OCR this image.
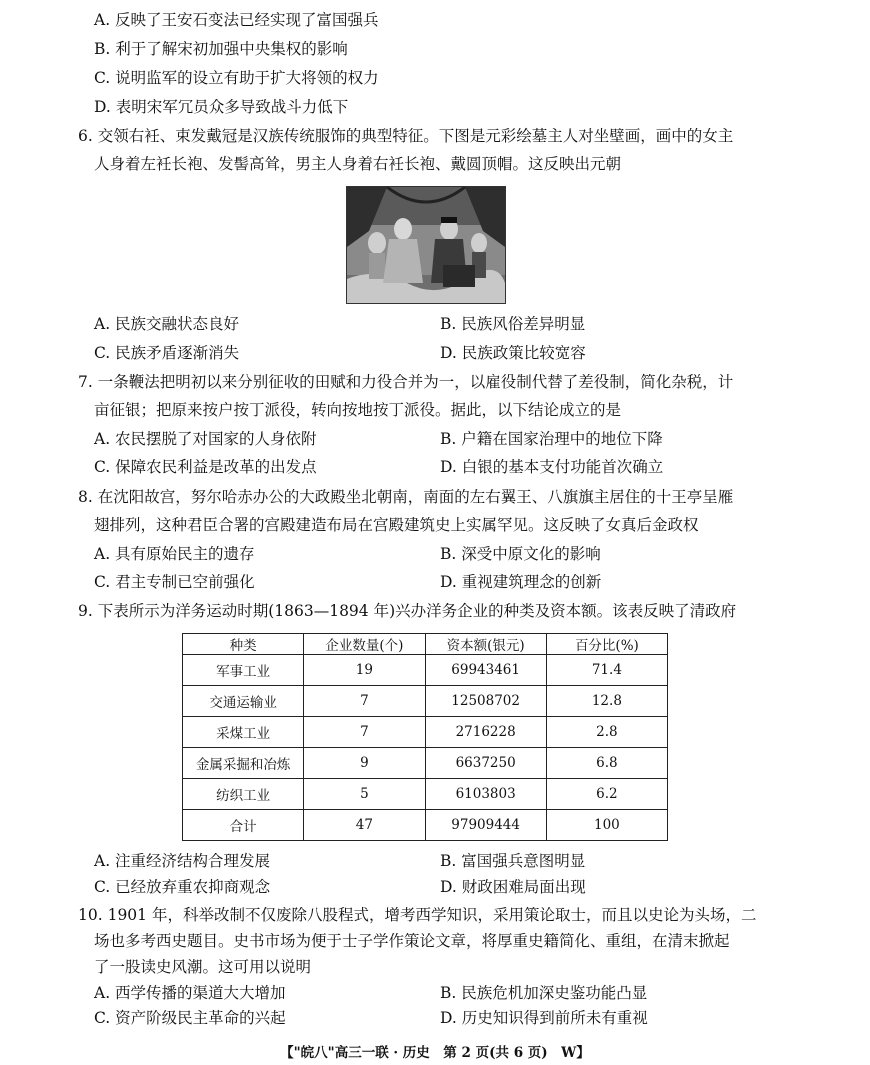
A. 反映了王安石变法已经实现了富国强兵
B. 利于了解宋初加强中央集权的影响
C. 说明监军的设立有助于扩大将领的权力
D. 表明宋军冗员众多导致战斗力低下
6. 交领右衽、束发戴冠是汉族传统服饰的典型特征。下图是元彩绘墓主人对坐壁画，画中的女主
人身着左衽长袍、发髻高耸，男主人身着右衽长袍、戴圆顶帽。这反映出元朝
A. 民族交融状态良好	B. 民族风俗差异明显
C. 民族矛盾逐渐消失	D. 民族政策比较宽容
7. 一条鞭法把明初以来分别征收的田赋和力役合并为一，以雇役制代替了差役制，简化杂税，计
亩征银；把原来按户按丁派役，转向按地按丁派役。据此，以下结论成立的是
A. 农民摆脱了对国家的人身依附	B. 户籍在国家治理中的地位下降
C. 保障农民利益是改革的出发点	D. 白银的基本支付功能首次确立
8. 在沈阳故宫，努尔哈赤办公的大政殿坐北朝南，南面的左右翼王、八旗旗主居住的十王亭呈雁
翅排列，这种君臣合署的宫殿建造布局在宫殿建筑史上实属罕见。这反映了女真后金政权
A. 具有原始民主的遗存	B. 深受中原文化的影响
C. 君主专制已空前强化	D. 重视建筑理念的创新
9. 下表所示为洋务运动时期(1863—1894 年)兴办洋务企业的种类及资本额。该表反映了清政府
种类	企业数量(个)	资本额(银元)	百分比(%)
军事工业	19	69943461	71.4
交通运输业	7	12508702	12.8
采煤工业	7	2716228	2.8
金属采掘和冶炼	9	6637250	6.8
纺织工业	5	6103803	6.2
合计	47	97909444	100
A. 注重经济结构合理发展	B. 富国强兵意图明显
C. 已经放弃重农抑商观念	D. 财政困难局面出现
10. 1901 年，科举改制不仅废除八股程式，增考西学知识，采用策论取士，而且以史论为头场，二
场也多考西史题目。史书市场为便于士子学作策论文章，将厚重史籍简化、重组，在清末掀起
了一股读史风潮。这可用以说明
A. 西学传播的渠道大大增加	B. 民族危机加深史鉴功能凸显
C. 资产阶级民主革命的兴起	D. 历史知识得到前所未有重视
【"皖八"高三一联 · 历史　第 2 页(共 6 页)　W】
